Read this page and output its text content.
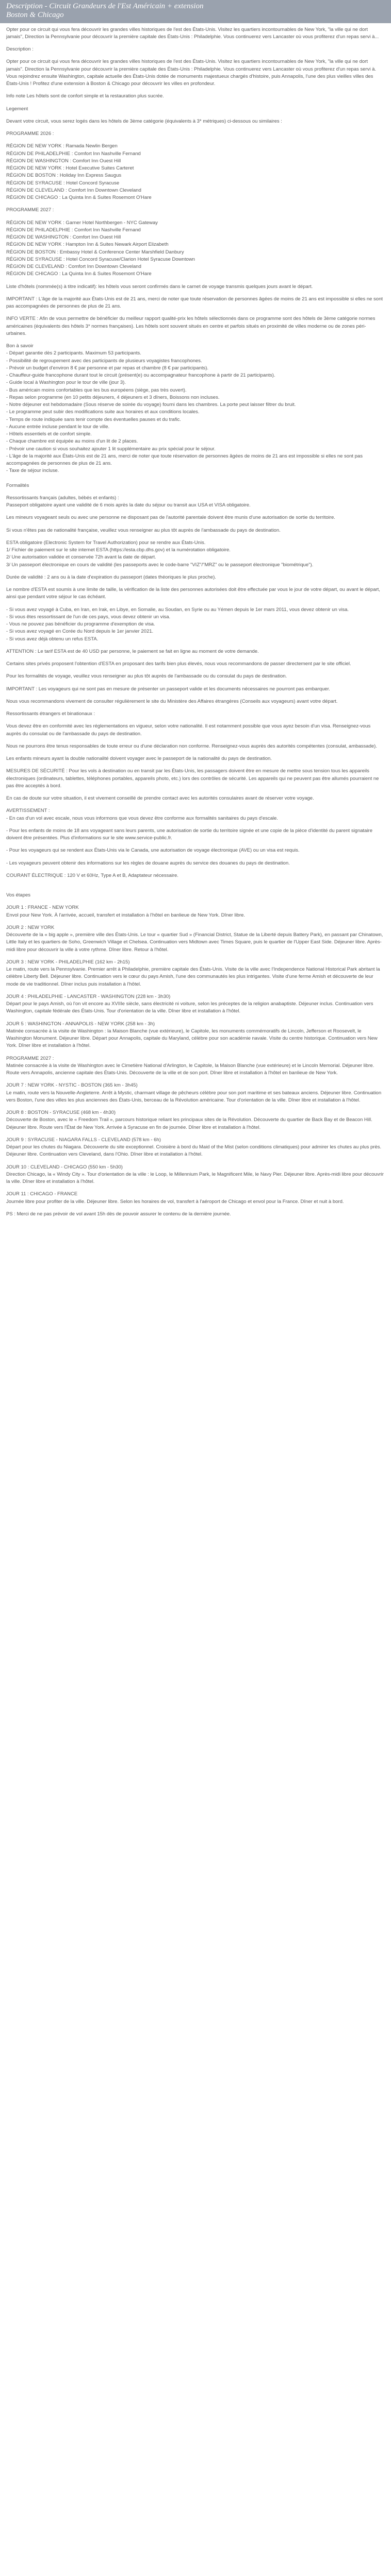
Description - Circuit Grandeurs de l'Est Américain + extension
Boston & Chicago

Opter pour ce circuit qui vous fera découvrir les grandes villes historiques de l'est des États-Unis. Visitez les quartiers incontournables de New York, "la ville qui ne dort jamais", Direction la Pennsylvanie pour découvrir la première capitale des États-Unis : Philadelphie. Vous continuerez vers Lancaster où vous profiterez d'un repas servi à...

Description :

Opter pour ce circuit qui vous fera découvrir les grandes villes historiques de l'est des États-Unis. Visitez les quartiers incontournables de New York, "la ville qui ne dort jamais". Direction la Pennsylvanie pour découvrir la première capitale des États-Unis : Philadelphie. Vous continuerez vers Lancaster où vous profiterez d'un repas servi à. Vous rejoindrez ensuite Washington, capitale actuelle des États-Unis dotée de monuments majestueux chargés d'histoire, puis Annapolis, l'une des plus vieilles villes des États-Unis ! Profitez d'une extension à Boston & Chicago pour découvrir les villes en profondeur.

Info note Les hôtels sont de confort simple et la restauration plus sucrée.

Legement

Devant votre circuit, vous serez logés dans les hôtels de 3ème catégorie (équivalents à 3* métriques) ci-dessous ou similaires :

PROGRAMME 2026 :

RÉGION DE NEW YORK : Ramada Newlin Bergen
RÉGION DE PHILADELPHIE : Comfort Inn Nashville Fernand
RÉGION DE WASHINGTON : Comfort Inn Ouest Hill
RÉGION DE NEW YORK : Hotel Executive Suites Carteret
RÉGION DE BOSTON : Holiday Inn Express Saugus
RÉGION DE SYRACUSE : Hotel Concord Syracuse
RÉGION DE CLEVELAND : Comfort Inn Downtown Cleveland
RÉGION DE CHICAGO : La Quinta Inn & Suites Rosemont O'Hare

PROGRAMME 2027 :

RÉGION DE NEW YORK : Garner Hotel Northbergen - NYC Gateway
RÉGION DE PHILADELPHIE : Comfort Inn Nashville Fernand
RÉGION DE WASHINGTON : Comfort Inn Ouest Hill
RÉGION DE NEW YORK : Hampton Inn & Suites Newark Airport Elizabeth
RÉGION DE BOSTON : Embassy Hotel & Conference Center Marshfield Danbury
RÉGION DE SYRACUSE : Hotel Concord Syracuse/Clarion Hotel Syracuse Downtown
RÉGION DE CLEVELAND : Comfort Inn Downtown Cleveland
RÉGION DE CHICAGO : La Quinta Inn & Suites Rosemont O'Hare

Liste d'hôtels (nommée(s) à titre indicatif): les hôtels vous seront confirmés dans le carnet de voyage transmis quelques jours avant le départ.

IMPORTANT : L'âge de la majorité aux États-Unis est de 21 ans, merci de noter que toute réservation de personnes âgées de moins de 21 ans est impossible si elles ne sont pas accompagnées de personnes de plus de 21 ans.

INFO VERTE : Afin de vous permettre de bénéficier du meilleur rapport qualité-prix les hôtels sélectionnés dans ce programme sont des hôtels de 3ème catégorie normes américaines (équivalents des hôtels 3* normes françaises). Les hôtels sont souvent situés en centre et parfois situés en proximité de villes moderne ou de zones péri-urbaines.

Bon à savoir
- Départ garantie dès 2 participants. Maximum 53 participants.
- Possibilité de regroupement avec des participants de plusieurs voyagistes francophones.
- Prévoir un budget d'environ 8 € par personne et par repas et chambre (8 € par participants).
- Chauffeur-guide francophone durant tout le circuit (présent(e) ou accompagnateur francophone à partir de 21 participants).
- Guide local à Washington pour le tour de ville (jour 3).
- Bus américain moins confortables que les bus européens (siège, pas très ouvert).
- Repas selon programme (en 10 petits déjeuners, 4 déjeuners et 3 dîners, Boissons non incluses.
- Notre déjeuner est hebdomadaire (Sous réserve de soirée du voyage) fourni dans les chambres. La porte peut laisser filtrer du bruit.
- Le programme peut subir des modifications suite aux horaires et aux conditions locales.
- Temps de route indiquée sans tenir compte des éventuelles pauses et du trafic.
- Aucune entrée incluse pendant le tour de ville.
- Hôtels essentiels et de confort simple.
- Chaque chambre est équipée au moins d'un lit de 2 places.
- Prévoir une caution si vous souhaitez ajouter 1 lit supplémentaire au prix spécial pour le séjour.
- L'âge de la majorité aux États-Unis est de 21 ans, merci de noter que toute réservation de personnes âgées de moins de 21 ans est impossible si elles ne sont pas accompagnées de personnes de plus de 21 ans.
- Taxe de séjour incluse.

Formalités

Ressortissants français (adultes, bébés et enfants) :

Passeport obligatoire ayant une validité de 6 mois après la date du séjour ou transit aux USA et VISA obligatoire.

Les mineurs voyageant seuls ou avec une personne ne disposant pas de l'autorité parentale doivent être munis d'une autorisation de sortie du territoire.

Si vous n'êtes pas de nationalité française, veuillez vous renseigner au plus tôt auprès de l'ambassade du pays de destination.

ESTA obligatoire (Electronic System for Travel Authorization) pour se rendre aux États-Unis.
1/ Fichier de paiement sur le site internet ESTA (https://esta.cbp.dhs.gov) et la numérotation obligatoire.
2/ Une autorisation validée et conservée 72h avant la date de départ.

3/ Un passeport électronique en cours de validité (les passeports avec le code-barre "VIZ"/"MRZ" ou le passeport électronique "biométrique").

Durée de validité : 2 ans ou à la date d'expiration du passeport (dates théoriques le plus proche).

Le nombre d'ESTA est soumis à une limite de taille, la vérification de la liste des personnes autorisées doit être effectuée par vous le jour de votre départ, ou avant le départ, ainsi que pendant votre séjour le cas échéant.

- Si vous avez voyagé à Cuba, en Iran, en Irak, en Libye, en Somalie, au Soudan, en Syrie ou au Yémen depuis le 1er mars 2011, vous devez obtenir un visa.
- Si vous êtes ressortissant de l'un de ces pays, vous devez obtenir un visa.
- Vous ne pouvez pas bénéficier du programme d'exemption de visa.
- Si vous avez voyagé en Corée du Nord depuis le 1er janvier 2021.

- Si vous avez déjà obtenu un refus ESTA.

ATTENTION : Le tarif ESTA est de 40 USD par personne, le paiement se fait en ligne au moment de votre demande.

Certains sites privés proposent l'obtention d'ESTA en proposant des tarifs bien plus élevés, nous vous recommandons de passer directement par le site officiel.

Pour les formalités de voyage, veuillez vous renseigner au plus tôt auprès de l'ambassade ou du consulat du pays de destination.

IMPORTANT : Les voyageurs qui ne sont pas en mesure de présenter un passeport valide et les documents nécessaires ne pourront pas embarquer.

Nous vous recommandons vivement de consulter régulièrement le site du Ministère des Affaires étrangères (Conseils aux voyageurs) avant votre départ.

Ressortissants étrangers et binationaux :

Vous devez être en conformité avec les réglementations en vigueur, selon votre nationalité. Il est notamment possible que vous ayez besoin d'un visa. Renseignez-vous auprès du consulat ou de l'ambassade du pays de destination.

Nous ne pourrons être tenus responsables de toute erreur ou d'une déclaration non conforme. Renseignez-vous auprès des autorités compétentes (consulat, ambassade).

Les enfants mineurs ayant la double nationalité doivent voyager avec le passeport de la nationalité du pays de destination.

MESURES DE SÉCURITÉ : Pour les vols à destination ou en transit par les États-Unis, les passagers doivent être en mesure de mettre sous tension tous les appareils électroniques (ordinateurs, tablettes, téléphones portables, appareils photo, etc.) lors des contrôles de sécurité. Les appareils qui ne peuvent pas être allumés pourraient ne pas être acceptés à bord.

En cas de doute sur votre situation, il est vivement conseillé de prendre contact avec les autorités consulaires avant de réserver votre voyage.

AVERTISSEMENT :

- En cas d'un vol avec escale, nous vous informons que vous devez être conforme aux formalités sanitaires du pays d'escale.

- Pour les enfants de moins de 18 ans voyageant sans leurs parents, une autorisation de sortie du territoire signée et une copie de la pièce d'identité du parent signataire doivent être présentées. Plus d'informations sur le site www.service-public.fr.

- Pour les voyageurs qui se rendent aux États-Unis via le Canada, une autorisation de voyage électronique (AVE) ou un visa est requis.

- Les voyageurs peuvent obtenir des informations sur les règles de douane auprès du service des douanes du pays de destination.

COURANT ÉLECTRIQUE : 120 V et 60Hz, Type A et B, Adaptateur nécessaire.

Vos étapes

JOUR 1 : FRANCE - NEW YORK

Envol pour New York. À l'arrivée, accueil, transfert et installation à l'hôtel en banlieue de New York. Dîner libre.

JOUR 2 : NEW YORK

Découverte de la « big apple », première ville des États-Unis. Le tour « quartier Sud » (Financial District, Statue de la Liberté depuis Battery Park), en passant par Chinatown, Little Italy et les quartiers de Soho, Greenwich Village et Chelsea. Continuation vers Midtown avec Times Square, puis le quartier de l'Upper East Side. Déjeuner libre. Après-midi libre pour découvrir la ville à votre rythme. Dîner libre. Retour à l'hôtel.

JOUR 3 : NEW YORK - PHILADELPHIE (162 km - 2h15)

Le matin, route vers la Pennsylvanie. Premier arrêt à Philadelphie, première capitale des États-Unis. Visite de la ville avec l'Independence National Historical Park abritant la célèbre Liberty Bell. Déjeuner libre. Continuation vers le cœur du pays Amish, l'une des communautés les plus intrigantes. Visite d'une ferme Amish et découverte de leur mode de vie traditionnel. Dîner inclus puis installation à l'hôtel.

JOUR 4 : PHILADELPHIE - LANCASTER - WASHINGTON (228 km - 3h30)

Départ pour le pays Amish, où l'on vit encore au XVIIIe siècle, sans électricité ni voiture, selon les préceptes de la religion anabaptiste. Déjeuner inclus. Continuation vers Washington, capitale fédérale des États-Unis. Tour d'orientation de la ville. Dîner libre et installation à l'hôtel.

JOUR 5 : WASHINGTON - ANNAPOLIS - NEW YORK (258 km - 3h)

Matinée consacrée à la visite de Washington : la Maison Blanche (vue extérieure), le Capitole, les monuments commémoratifs de Lincoln, Jefferson et Roosevelt, le Washington Monument. Déjeuner libre. Départ pour Annapolis, capitale du Maryland, célèbre pour son académie navale. Visite du centre historique. Continuation vers New York. Dîner libre et installation à l'hôtel.

PROGRAMME 2027 :

Matinée consacrée à la visite de Washington avec le Cimetière National d'Arlington, le Capitole, la Maison Blanche (vue extérieure) et le Lincoln Memorial. Déjeuner libre. Route vers Annapolis, ancienne capitale des États-Unis. Découverte de la ville et de son port. Dîner libre et installation à l'hôtel en banlieue de New York.

JOUR 7 : NEW YORK - NYSTIC - BOSTON (365 km - 3h45)

Le matin, route vers la Nouvelle-Angleterre. Arrêt à Mystic, charmant village de pêcheurs célèbre pour son port maritime et ses bateaux anciens. Déjeuner libre. Continuation vers Boston, l'une des villes les plus anciennes des États-Unis, berceau de la Révolution américaine. Tour d'orientation de la ville. Dîner libre et installation à l'hôtel.

JOUR 8 : BOSTON - SYRACUSE (468 km - 4h30)

Découverte de Boston, avec le « Freedom Trail », parcours historique reliant les principaux sites de la Révolution. Découverte du quartier de Back Bay et de Beacon Hill. Déjeuner libre. Route vers l'État de New York. Arrivée à Syracuse en fin de journée. Dîner libre et installation à l'hôtel.

JOUR 9 : SYRACUSE - NIAGARA FALLS - CLEVELAND (578 km - 6h)

Départ pour les chutes du Niagara. Découverte du site exceptionnel. Croisière à bord du Maid of the Mist (selon conditions climatiques) pour admirer les chutes au plus près. Déjeuner libre. Continuation vers Cleveland, dans l'Ohio. Dîner libre et installation à l'hôtel.

JOUR 10 : CLEVELAND - CHICAGO (550 km - 5h30)

Direction Chicago, la « Windy City ». Tour d'orientation de la ville : le Loop, le Millennium Park, le Magnificent Mile, le Navy Pier. Déjeuner libre. Après-midi libre pour découvrir la ville. Dîner libre et installation à l'hôtel.

JOUR 11 : CHICAGO - FRANCE

Journée libre pour profiter de la ville. Déjeuner libre. Selon les horaires de vol, transfert à l'aéroport de Chicago et envol pour la France. Dîner et nuit à bord.

PS : Merci de ne pas prévoir de vol avant 15h dès de pouvoir assurer le contenu de la dernière journée.
